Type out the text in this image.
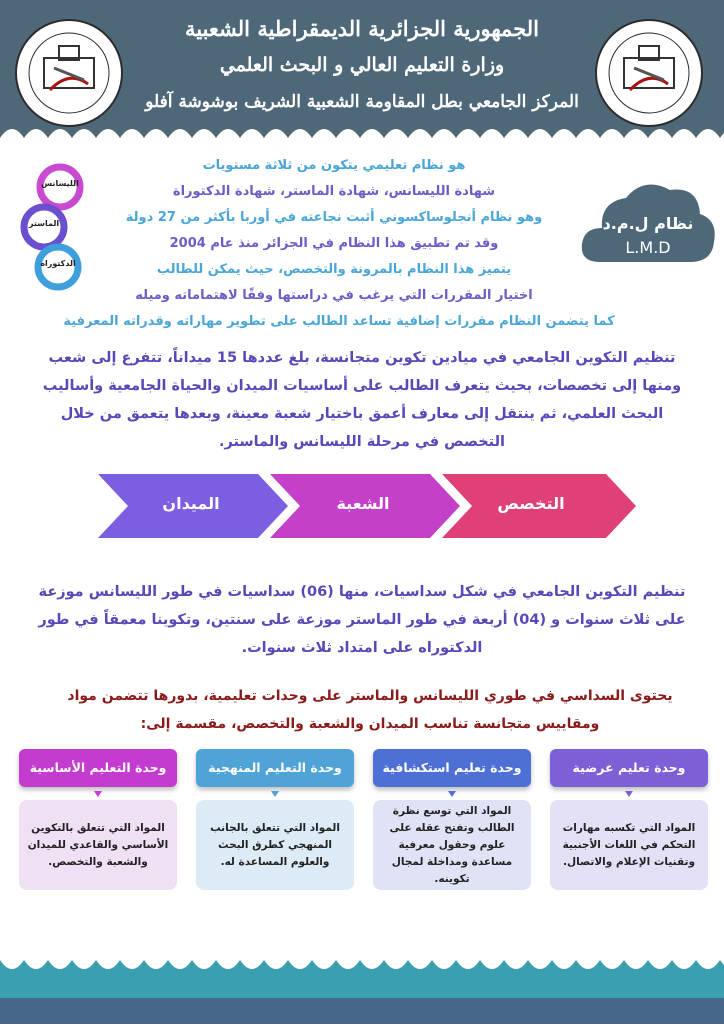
الجمهورية الجزائرية الديمقراطية الشعبية
وزارة التعليم العالي و البحث العلمي
المركز الجامعي بطل المقاومة الشعبية الشريف بوشوشة آفلو
هو نظام تعليمي يتكون من ثلاثة مستويات
شهادة الليسانس، شهادة الماستر، شهادة الدكتوراة
وهو نظام أنجلوساكسوني أثبت نجاعته في أوربا بأكثر من 27 دولة
وقد تم تطبيق هذا النظام في الجزائر منذ عام 2004
يتميز هذا النظام بالمرونة والتخصص، حيث يمكن للطالب
اختيار المقررات التي يرغب في دراستها وفقًا لاهتماماته وميله
كما يتضمن النظام مقررات إضافية تساعد الطالب على تطوير مهاراته وقدراته المعرفية
نظام ل.م.د
L.M.D
الليسانس
الماستر
الدكتوراه
تنظيم التكوين الجامعي في ميادين تكوين متجانسة، بلغ عددها 15 ميداناً، تتفرع إلى شعب ومنها إلى تخصصات، بحيث يتعرف الطالب على أساسيات الميدان والحياة الجامعية وأساليب البحث العلمي، ثم ينتقل إلى معارف أعمق باختيار شعبة معينة، وبعدها يتعمق من خلال التخصص في مرحلة الليسانس والماستر.
التخصص
الشعبة
الميدان
تنظيم التكوين الجامعي في شكل سداسيات، منها (06) سداسيات في طور الليسانس موزعة على ثلاث سنوات و (04) أربعة في طور الماستر موزعة على سنتين، وتكوينا معمقاً في طور الدكتوراه على امتداد ثلاث سنوات.
يحتوى السداسي في طوري الليسانس والماستر على وحدات تعليمية، بدورها تتضمن مواد ومقاييس متجانسة تناسب الميدان والشعبة والتخصص، مقسمة إلى:
وحدة تعليم عرضية
المواد التي تكسبه مهارات التحكم في اللغات الأجنبية وتقنيات الإعلام والاتصال.
وحدة تعليم استكشافية
المواد التي توسع نظرة الطالب وتفتح عقله على علوم وحقول معرفية مساعدة ومداخلة لمجال تكوينه.
وحدة التعليم المنهجية
المواد التي تتعلق بالجانب المنهجي كطرق البحث والعلوم المساعدة له.
وحدة التعليم الأساسية
المواد التي تتعلق بالتكوين الأساسي والقاعدي للميدان والشعبة والتخصص.
